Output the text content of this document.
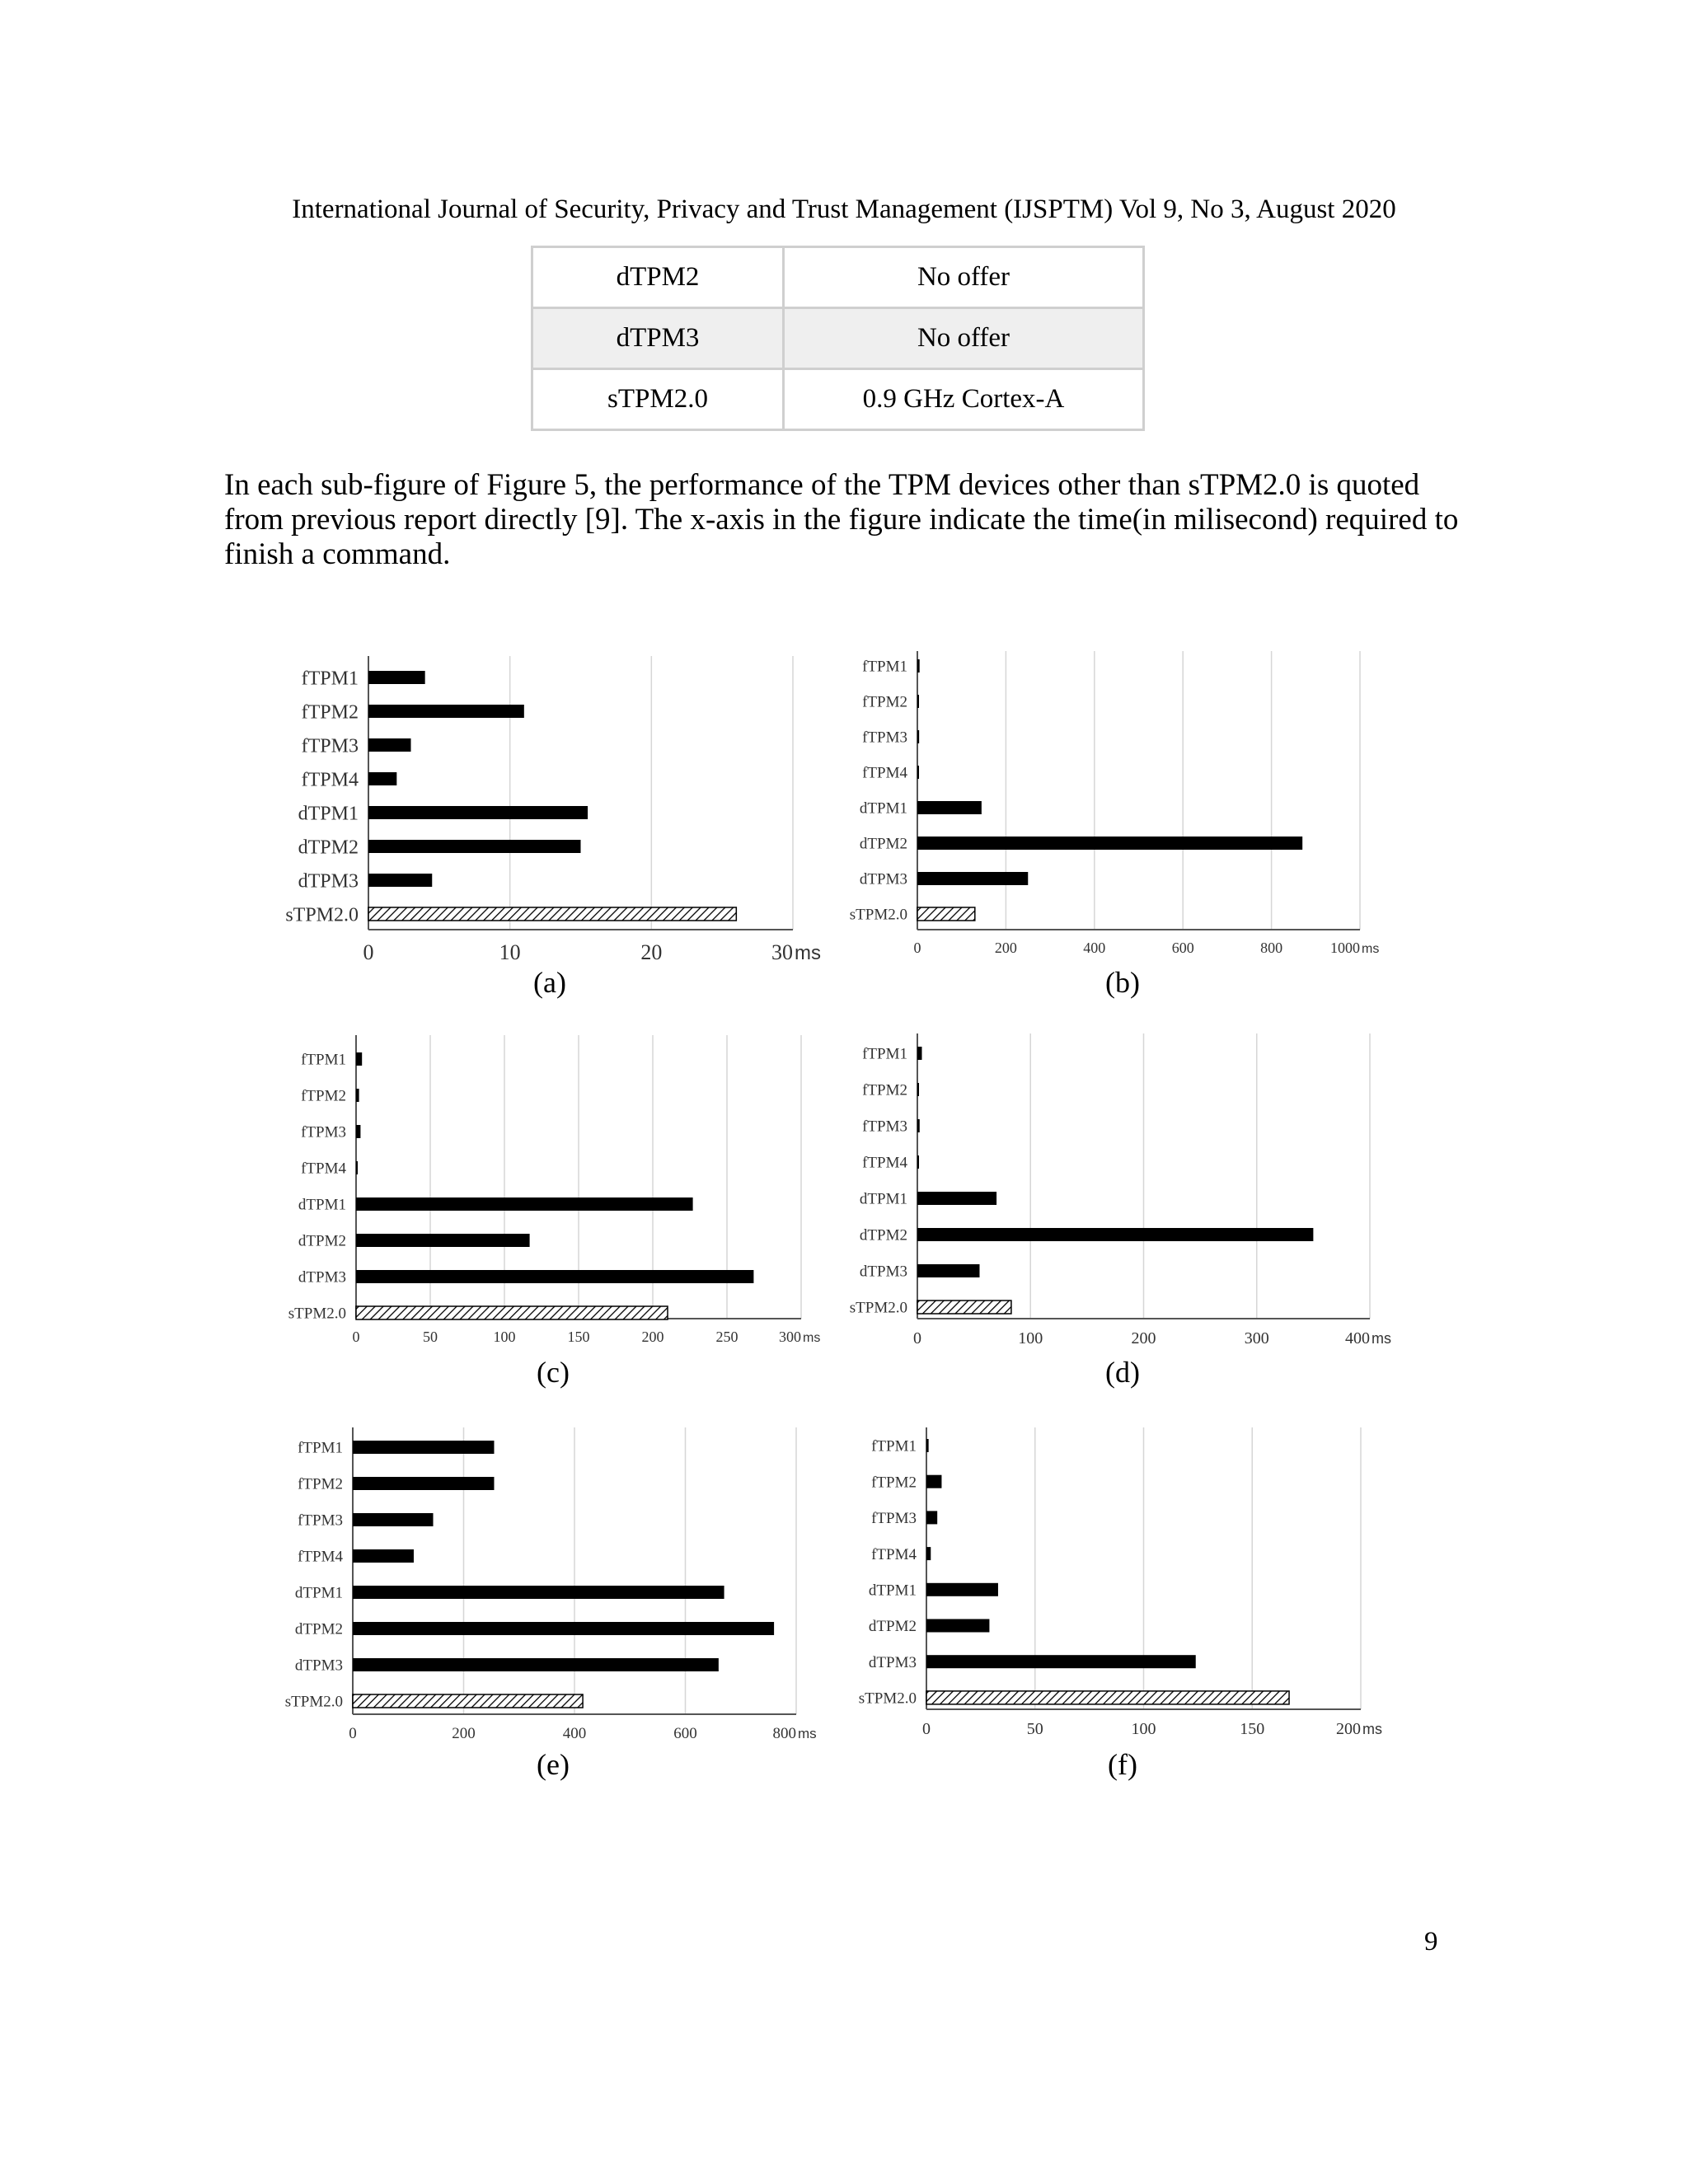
International Journal of Security, Privacy and Trust Management (IJSPTM) Vol 9, No 3, August 2020
dTPM2	No offer
dTPM3	No offer
sTPM2.0	0.9 GHz Cortex-A
In each sub-figure of Figure 5, the performance of the TPM devices other than sTPM2.0 is quoted
from previous report directly [9]. The x-axis in the figure indicate the time(in milisecond) required to
finish a command.
fTPM1
fTPM2
fTPM3
fTPM4
dTPM1
dTPM2
dTPM3
sTPM2.0
0	10	20	30 ms
(a)
fTPM1
fTPM2
fTPM3
fTPM4
dTPM1
dTPM2
dTPM3
sTPM2.0
0	200	400	600	800	1000 ms
(b)
fTPM1
fTPM2
fTPM3
fTPM4
dTPM1
dTPM2
dTPM3
sTPM2.0
0	50	100	150	200	250	300 ms
(c)
fTPM1
fTPM2
fTPM3
fTPM4
dTPM1
dTPM2
dTPM3
sTPM2.0
0	100	200	300	400 ms
(d)
fTPM1
fTPM2
fTPM3
fTPM4
dTPM1
dTPM2
dTPM3
sTPM2.0
0	200	400	600	800 ms
(e)
fTPM1
fTPM2
fTPM3
fTPM4
dTPM1
dTPM2
dTPM3
sTPM2.0
0	50	100	150	200 ms
(f)
9
